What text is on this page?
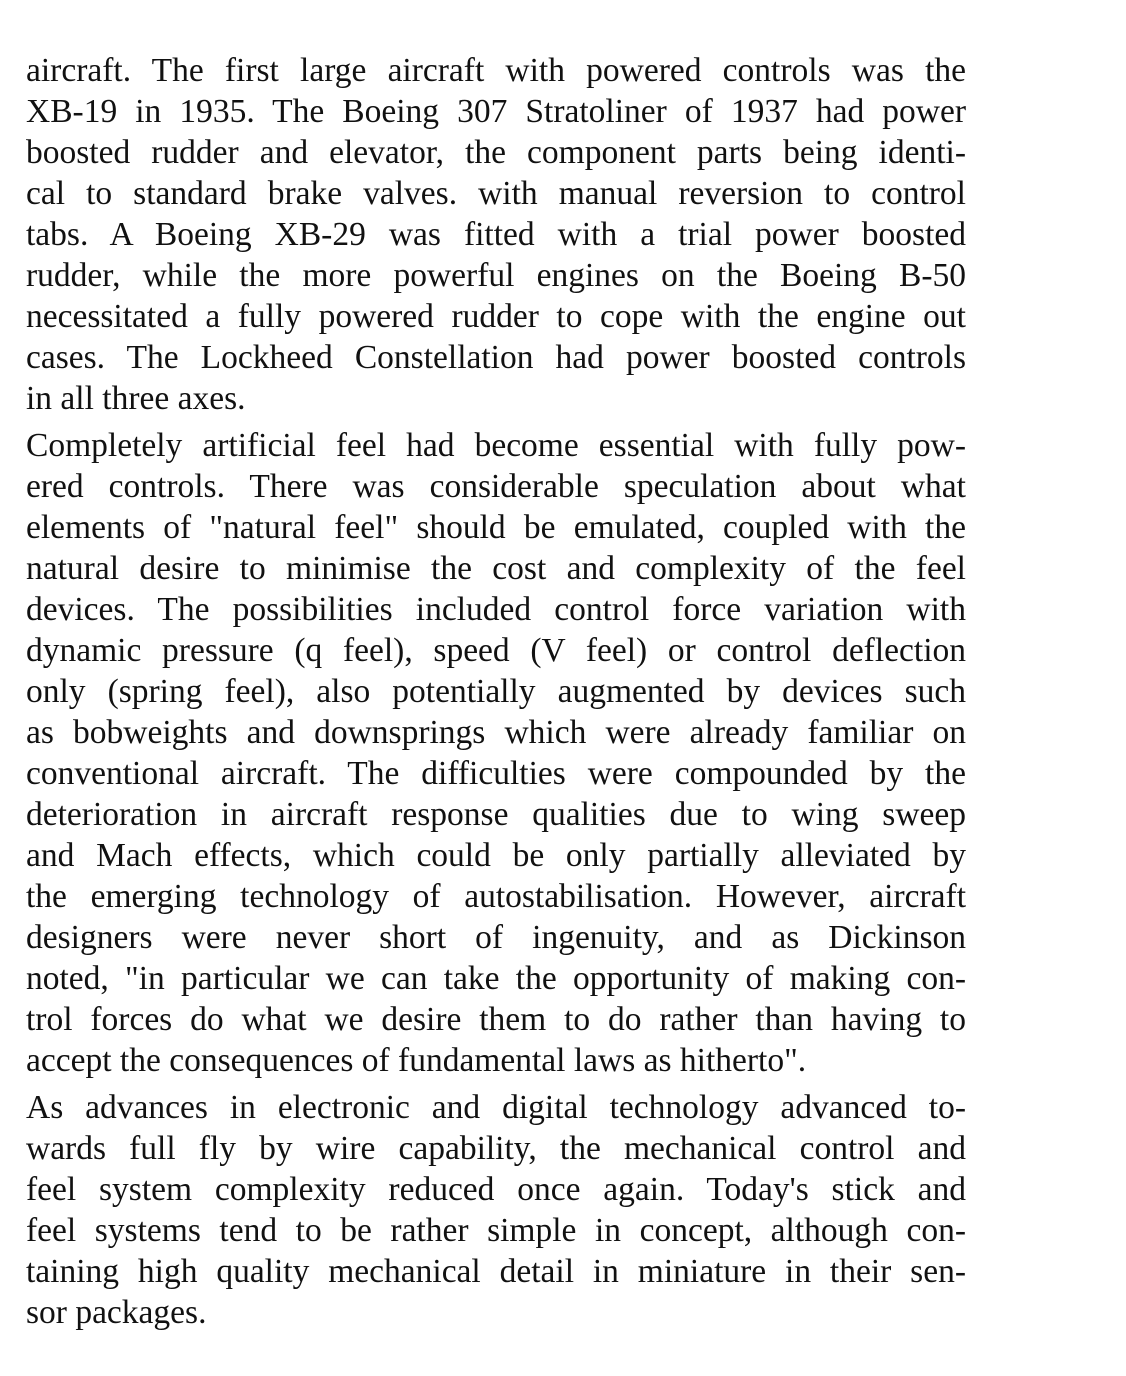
aircraft. The first large aircraft with powered controls was the
XB-19 in 1935. The Boeing 307 Stratoliner of 1937 had power
boosted rudder and elevator, the component parts being identi-
cal to standard brake valves. with manual reversion to control
tabs. A Boeing XB-29 was fitted with a trial power boosted
rudder, while the more powerful engines on the Boeing B-50
necessitated a fully powered rudder to cope with the engine out
cases. The Lockheed Constellation had power boosted controls
in all three axes.
Completely artificial feel had become essential with fully pow-
ered controls. There was considerable speculation about what
elements of "natural feel" should be emulated, coupled with the
natural desire to minimise the cost and complexity of the feel
devices. The possibilities included control force variation with
dynamic pressure (q feel), speed (V feel) or control deflection
only (spring feel), also potentially augmented by devices such
as bobweights and downsprings which were already familiar on
conventional aircraft. The difficulties were compounded by the
deterioration in aircraft response qualities due to wing sweep
and Mach effects, which could be only partially alleviated by
the emerging technology of autostabilisation. However, aircraft
designers were never short of ingenuity, and as Dickinson
noted, "in particular we can take the opportunity of making con-
trol forces do what we desire them to do rather than having to
accept the consequences of fundamental laws as hitherto".
As advances in electronic and digital technology advanced to-
wards full fly by wire capability, the mechanical control and
feel system complexity reduced once again. Today's stick and
feel systems tend to be rather simple in concept, although con-
taining high quality mechanical detail in miniature in their sen-
sor packages.
